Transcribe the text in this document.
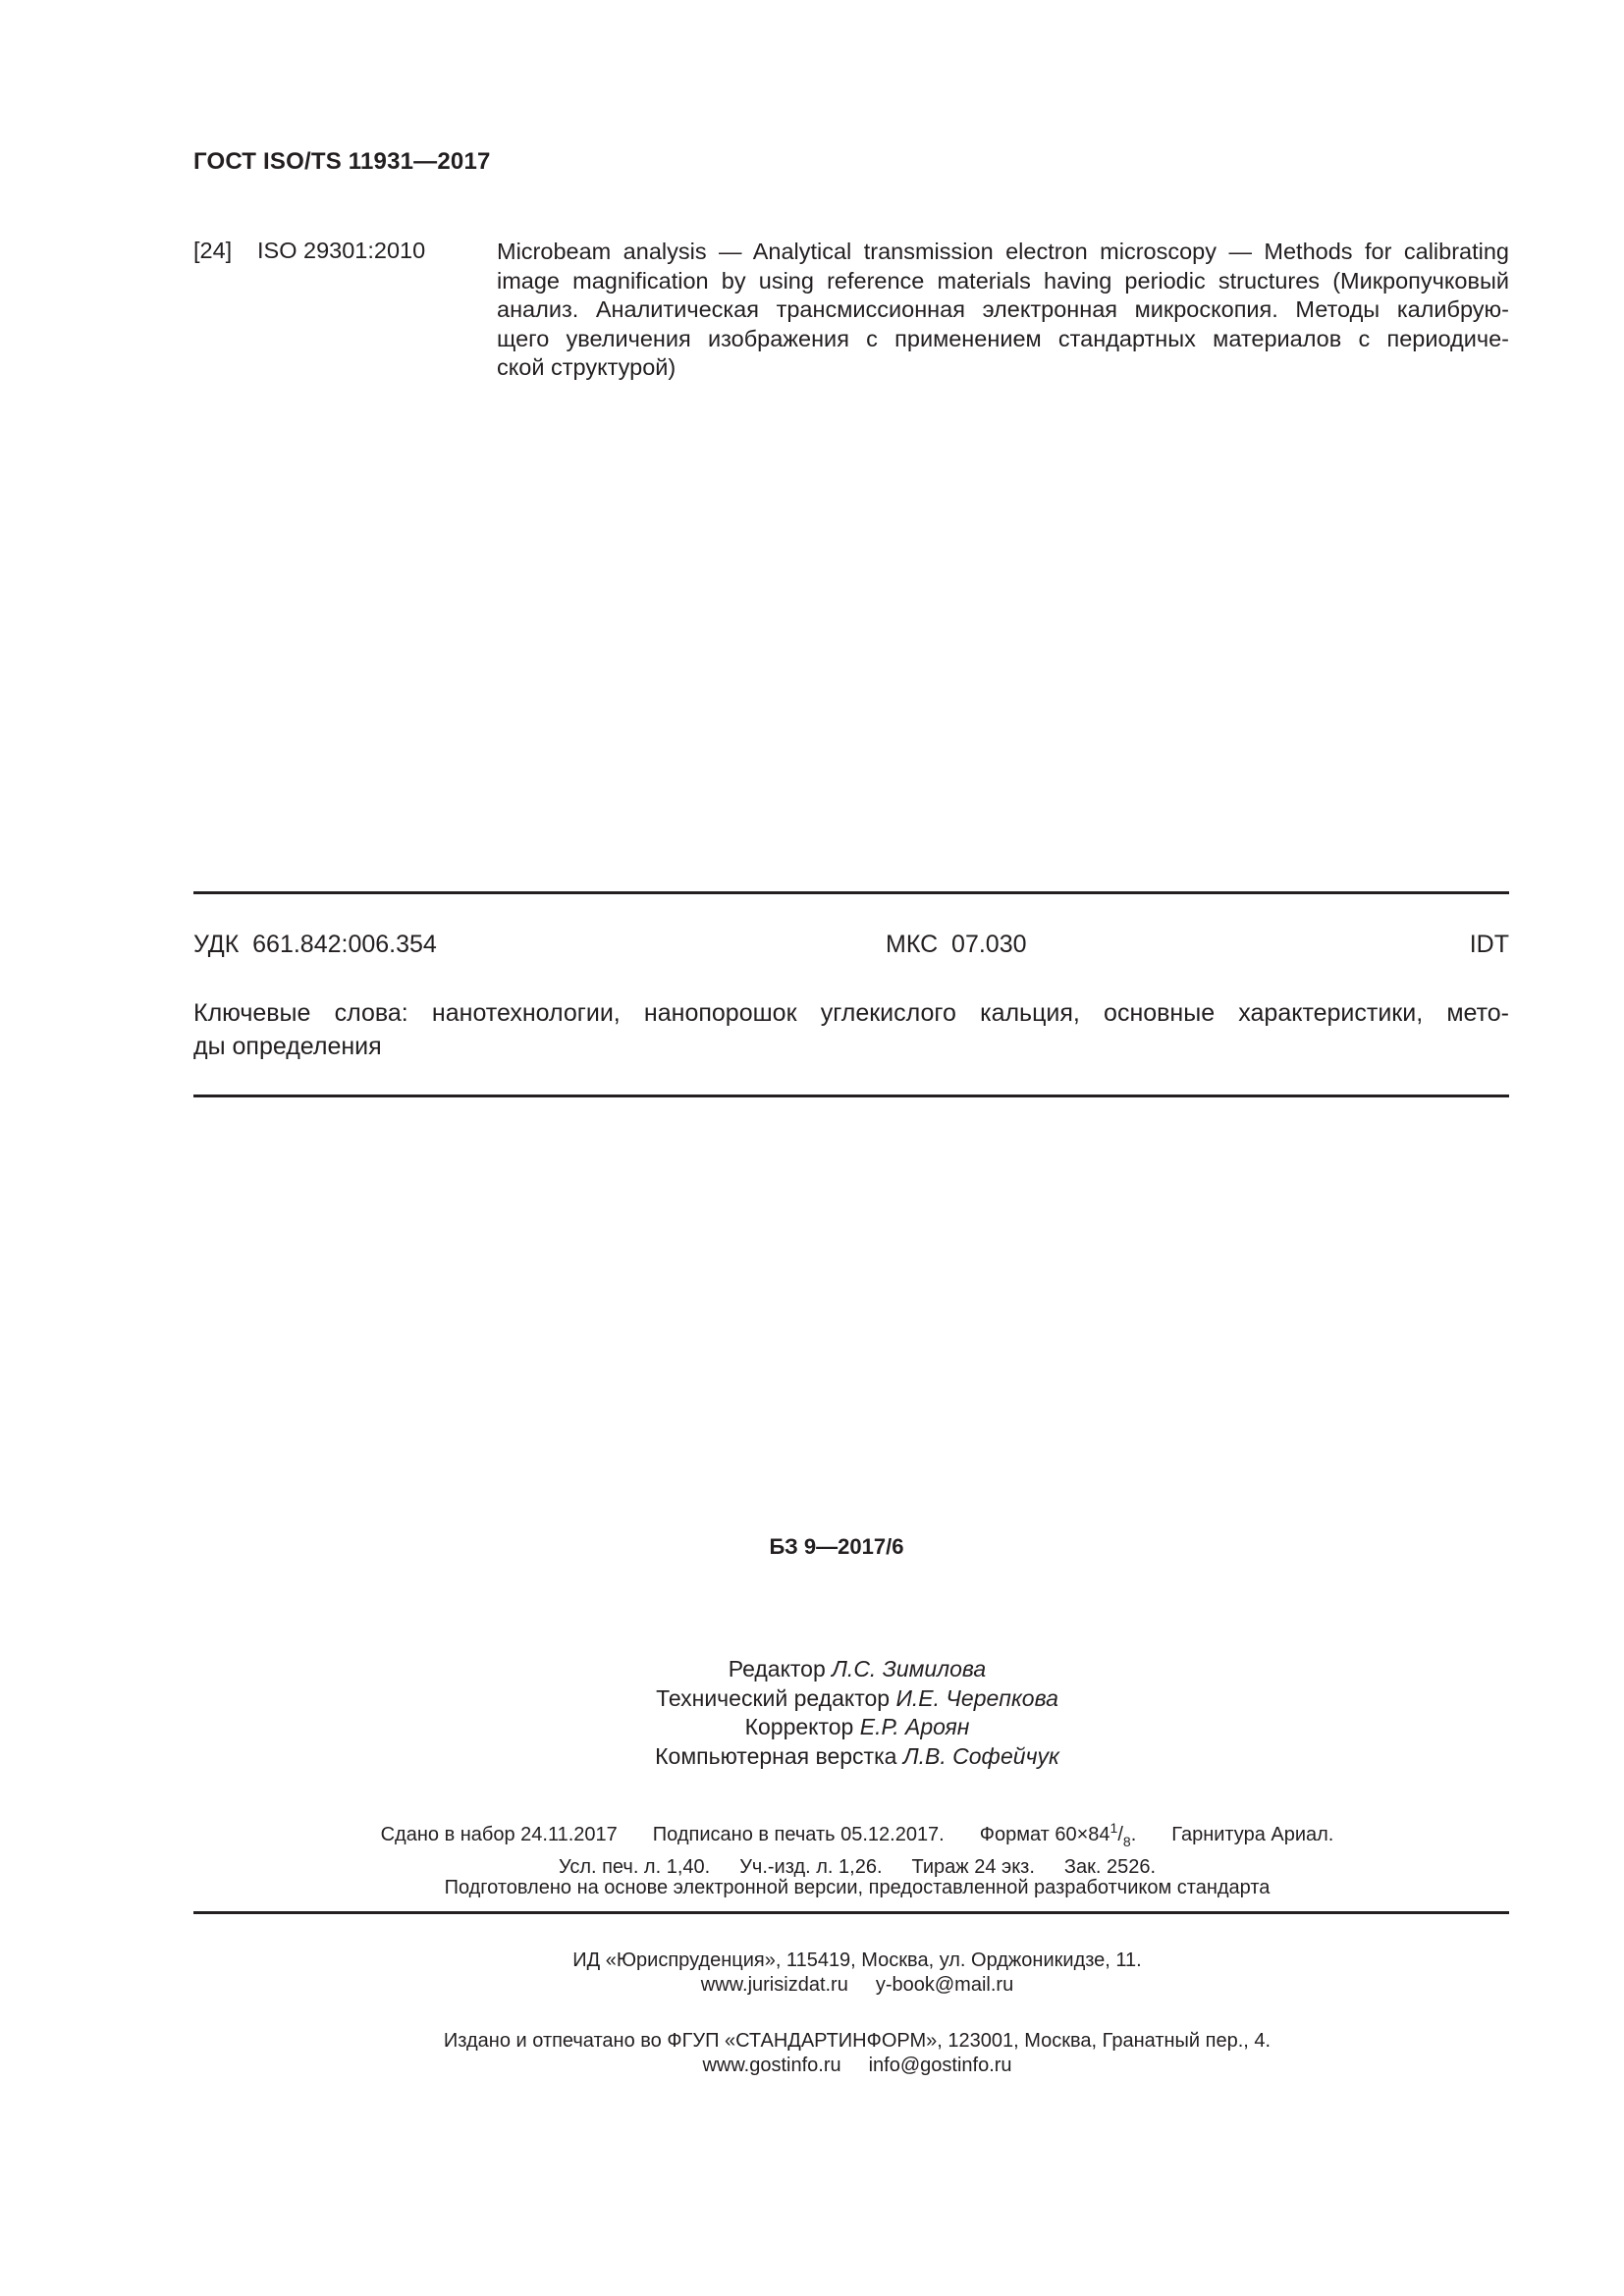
ГОСТ ISO/TS 11931—2017
[24] ISO 29301:2010	Microbeam analysis — Analytical transmission electron microscopy — Methods for calibrating
image magnification by using reference materials having periodic structures (Микропучковый
анализ. Аналитическая трансмиссионная электронная микроскопия. Методы калибрую-
щего увеличения изображения с применением стандартных материалов с периодиче-
ской структурой)
УДК  661.842:006.354	МКС  07.030	IDT
Ключевые слова: нанотехнологии, нанопорошок углекислого кальция, основные характеристики, мето-
ды определения
БЗ 9—2017/6
Редактор Л.С. Зимилова
Технический редактор И.Е. Черепкова
Корректор Е.Р. Ароян
Компьютерная верстка Л.В. Софейчук
Сдано в набор 24.11.2017 Подписано в печать 05.12.2017. Формат $60\times 84^1/_8$. Гарнитура Ариал.
Усл. печ. л. 1,40. Уч.-изд. л. 1,26. Тираж 24 экз. Зак. 2526.
Подготовлено на основе электронной версии, предоставленной разработчиком стандарта
ИД «Юриспруденция», 115419, Москва, ул. Орджоникидзе, 11.
www.jurisizdat.ru y-book@mail.ru
Издано и отпечатано во ФГУП «СТАНДАРТИНФОРМ», 123001, Москва, Гранатный пер., 4.
www.gostinfo.ru info@gostinfo.ru
